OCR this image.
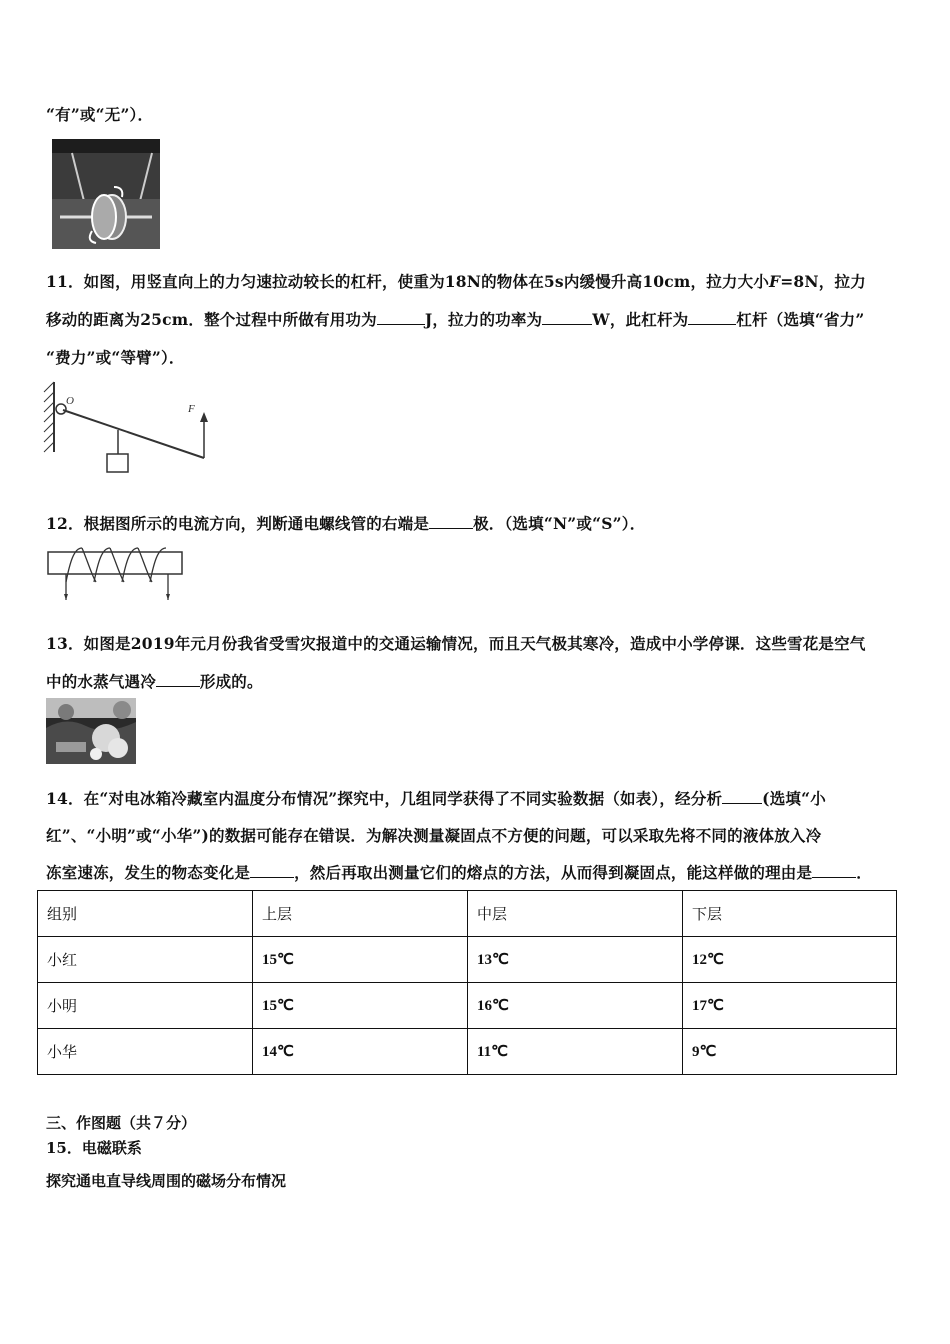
“有”或“无”）．
11．如图，用竖直向上的力匀速拉动较长的杠杆，使重为18N的物体在5s内缓慢升高10cm，拉力大小F=8N，拉力
移动的距离为25cm．整个过程中所做有用功为	J，拉力的功率为	W，此杠杆为	杠杆（选填“省力”
“费力”或“等臂”）．
O
F
12．根据图所示的电流方向，判断通电螺线管的右端是	极．（选填“N”或“S”）．
13．如图是2019年元月份我省受雪灾报道中的交通运输情况，而且天气极其寒冷，造成中小学停课．这些雪花是空气
中的水蒸气遇冷	形成的。
14．在“对电冰箱冷藏室内温度分布情况”探究中，几组同学获得了不同实验数据（如表），经分析	(选填“小
红”、“小明”或“小华”)的数据可能存在错误．为解决测量凝固点不方便的问题，可以采取先将不同的液体放入冷
冻室速冻，发生的物态变化是	，然后再取出测量它们的熔点的方法，从而得到凝固点，能这样做的理由是	．
组别	上层	中层	下层
小红	15℃	13℃	12℃
小明	15℃	16℃	17℃
小华	14℃	11℃	9℃
三、作图题（共７分）
15．电磁联系
探究通电直导线周围的磁场分布情况
